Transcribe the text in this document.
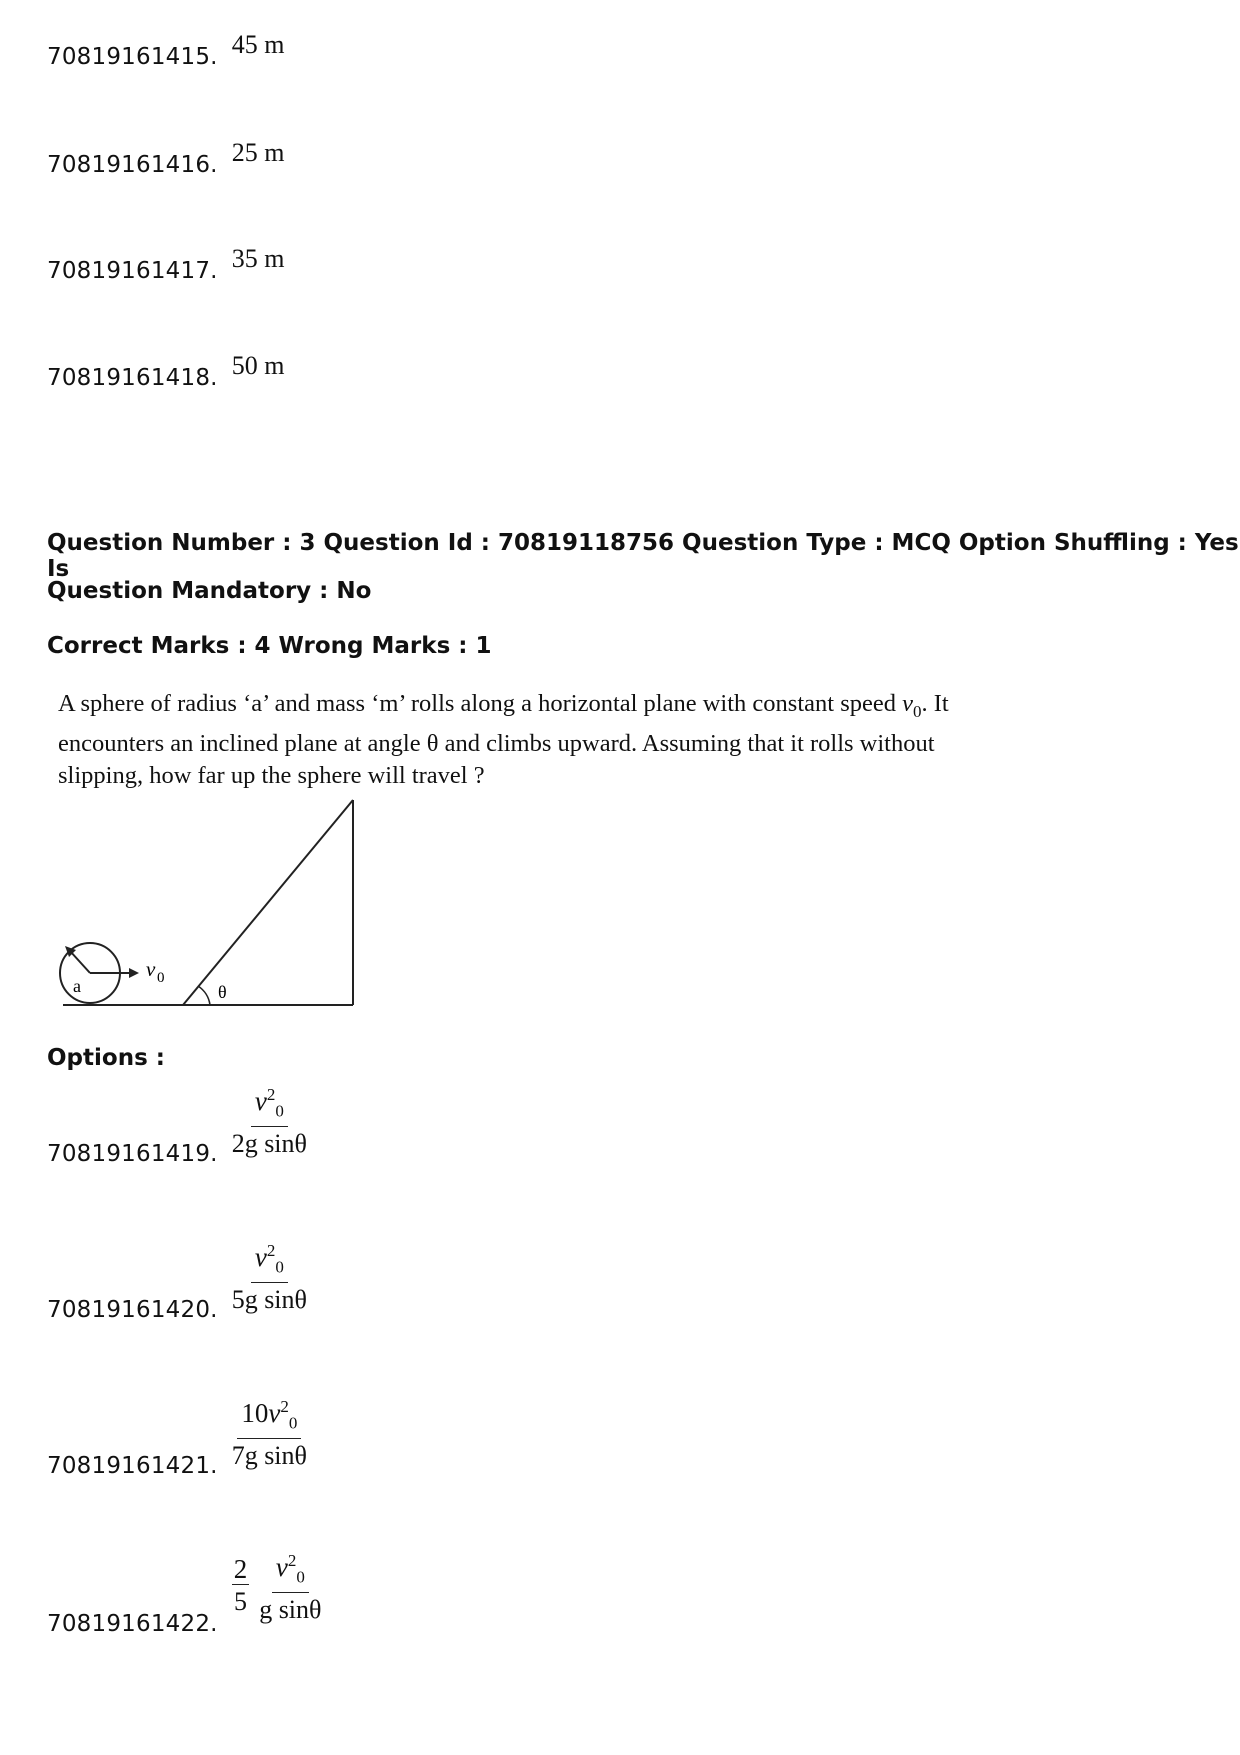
70819161415. 45 m
70819161416. 25 m
70819161417. 35 m
70819161418. 50 m
Question Number : 3 Question Id : 70819118756 Question Type : MCQ Option Shuffling : Yes Is
Question Mandatory : No
Correct Marks : 4 Wrong Marks : 1
A sphere of radius ‘a’ and mass ‘m’ rolls along a horizontal plane with constant speed $v_0$. It encounters an inclined plane at angle θ and climbs upward. Assuming that it rolls without slipping, how far up the sphere will travel ?
θ
a
v 0
Options :
70819161419. $\frac{v^2_0}{\text{2g sinθ}}$
70819161420. $\frac{v^2_0}{\text{5g sinθ}}$
70819161421. $\frac{10v^2_0}{\text{7g sinθ}}$
70819161422.
$\frac{2}{5} \frac{v^2_0}{\text{g sinθ}}$
